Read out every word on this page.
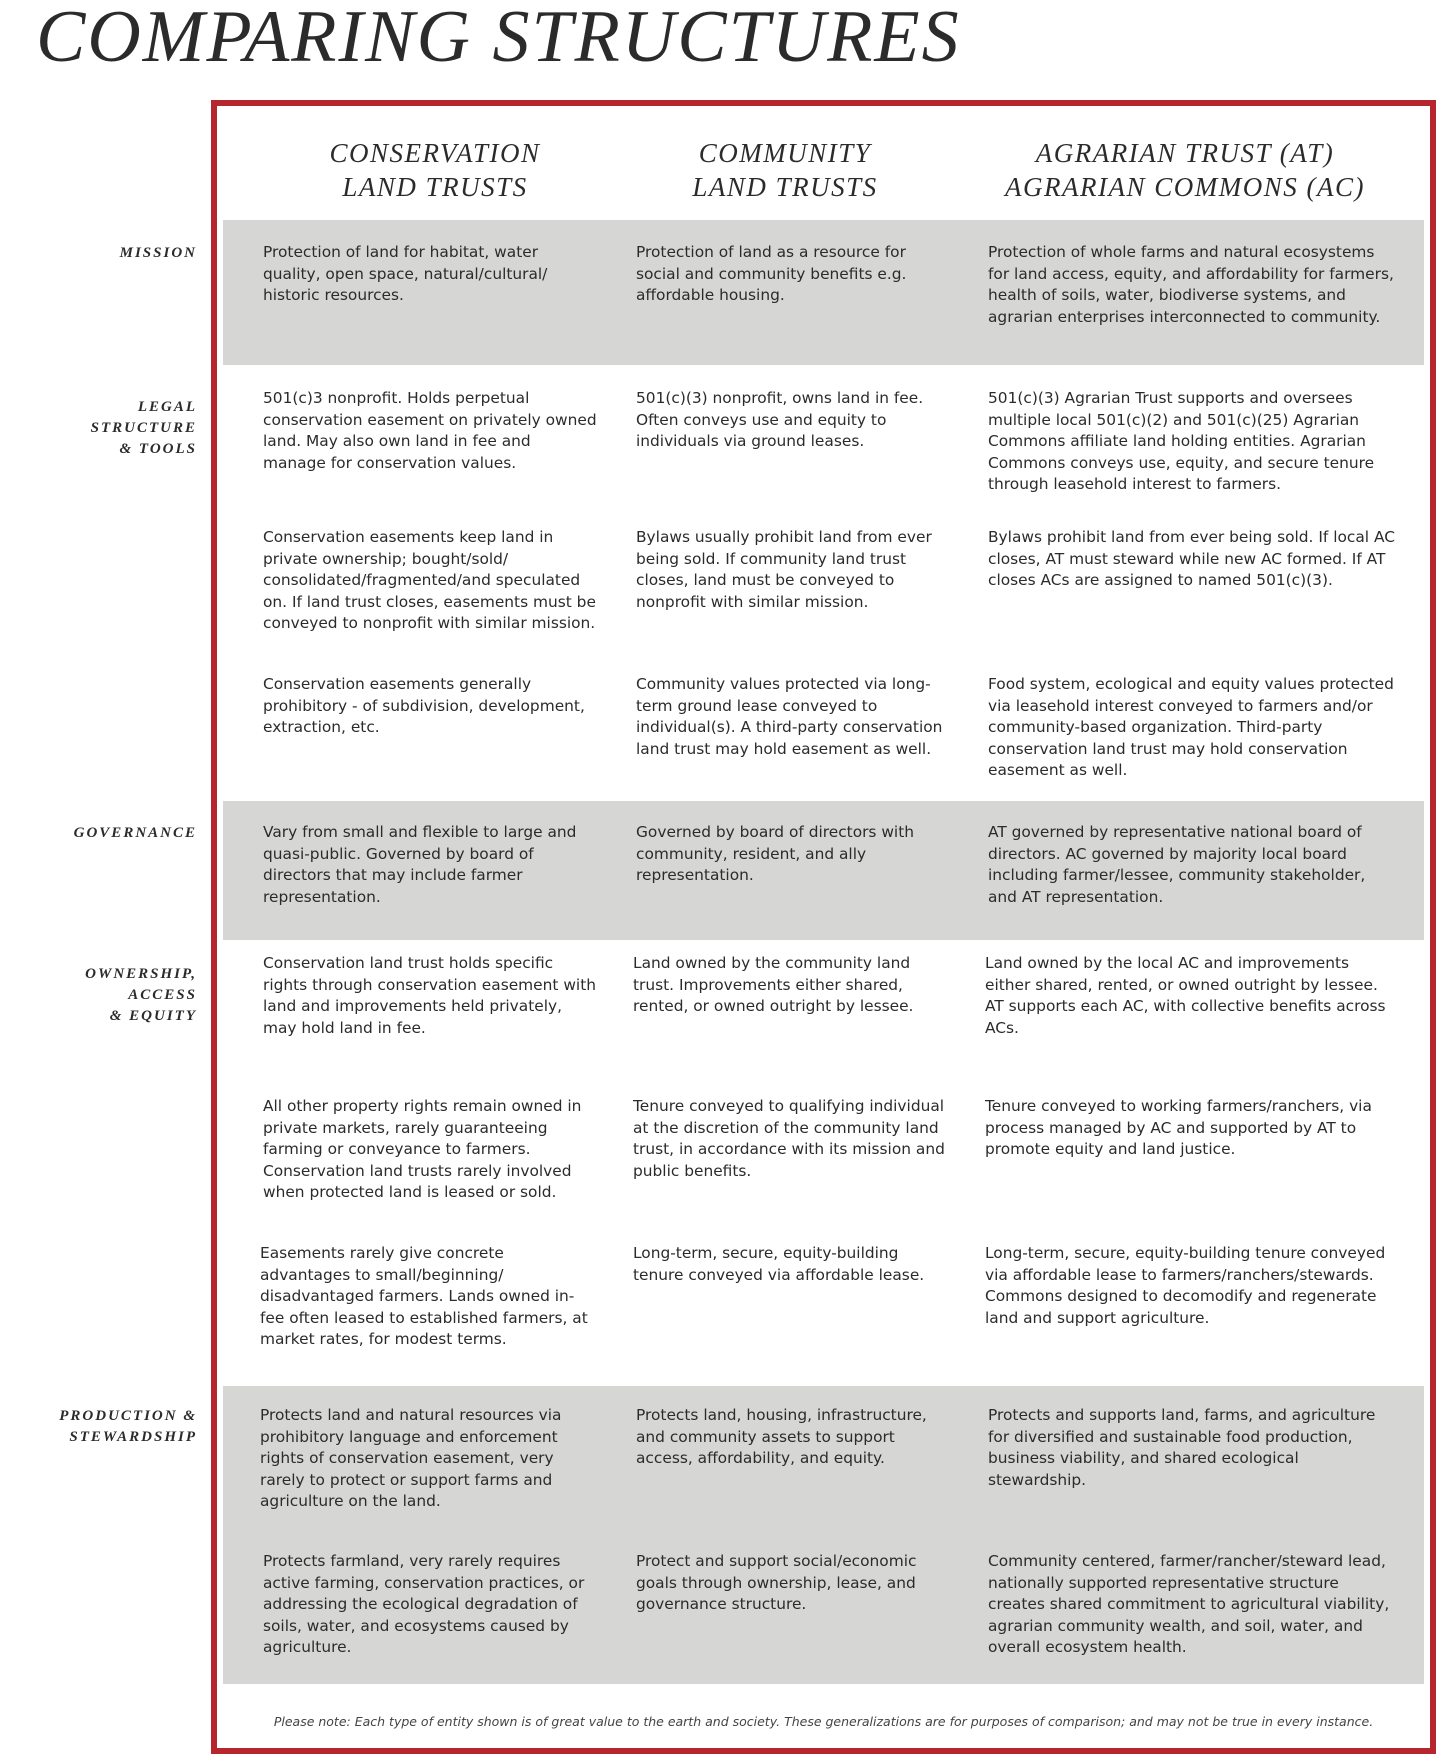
COMPARING STRUCTURES
CONSERVATION
LAND TRUSTS
COMMUNITY
LAND TRUSTS
AGRARIAN TRUST (AT)
AGRARIAN COMMONS (AC)
MISSION
LEGAL
STRUCTURE
& TOOLS
GOVERNANCE
OWNERSHIP,
ACCESS
& EQUITY
PRODUCTION &
STEWARDSHIP
Protection of land for habitat, water quality, open space, natural/cultural/ historic resources.
Protection of land as a resource for social and community benefits e.g. affordable housing.
Protection of whole farms and natural ecosystems for land access, equity, and affordability for farmers, health of soils, water, biodiverse systems, and agrarian enterprises interconnected to community.
501(c)3 nonprofit. Holds perpetual conservation easement on privately owned land. May also own land in fee and manage for conservation values.
501(c)(3) nonprofit, owns land in fee. Often conveys use and equity to individuals via ground leases.
501(c)(3) Agrarian Trust supports and oversees multiple local 501(c)(2) and 501(c)(25) Agrarian Commons affiliate land holding entities. Agrarian Commons conveys use, equity, and secure tenure through leasehold interest to farmers.
Conservation easements keep land in private ownership; bought/sold/ consolidated/fragmented/and speculated on. If land trust closes, easements must be conveyed to nonprofit with similar mission.
Bylaws usually prohibit land from ever being sold. If community land trust closes, land must be conveyed to nonprofit with similar mission.
Bylaws prohibit land from ever being sold. If local AC closes, AT must steward while new AC formed. If AT closes ACs are assigned to named 501(c)(3).
Conservation easements generally prohibitory - of subdivision, development, extraction, etc.
Community values protected via long-term ground lease conveyed to individual(s). A third-party conservation land trust may hold easement as well.
Food system, ecological and equity values protected via leasehold interest conveyed to farmers and/or community-based organization. Third-party conservation land trust may hold conservation easement as well.
Vary from small and flexible to large and quasi-public. Governed by board of directors that may include farmer representation.
Governed by board of directors with community, resident, and ally representation.
AT governed by representative national board of directors. AC governed by majority local board including farmer/lessee, community stakeholder, and AT representation.
Conservation land trust holds specific rights through conservation easement with land and improvements held privately, may hold land in fee.
Land owned by the community land trust. Improvements either shared, rented, or owned outright by lessee.
Land owned by the local AC and improvements either shared, rented, or owned outright by lessee. AT supports each AC, with collective benefits across ACs.
All other property rights remain owned in private markets, rarely guaranteeing farming or conveyance to farmers. Conservation land trusts rarely involved when protected land is leased or sold.
Tenure conveyed to qualifying individual at the discretion of the community land trust, in accordance with its mission and public benefits.
Tenure conveyed to working farmers/ranchers, via process managed by AC and supported by AT to promote equity and land justice.
Easements rarely give concrete advantages to small/beginning/ disadvantaged farmers. Lands owned in-fee often leased to established farmers, at market rates, for modest terms.
Long-term, secure, equity-building tenure conveyed via affordable lease.
Long-term, secure, equity-building tenure conveyed via affordable lease to farmers/ranchers/stewards. Commons designed to decomodify and regenerate land and support agriculture.
Protects land and natural resources via prohibitory language and enforcement rights of conservation easement, very rarely to protect or support farms and agriculture on the land.
Protects land, housing, infrastructure, and community assets to support access, affordability, and equity.
Protects and supports land, farms, and agriculture for diversified and sustainable food production, business viability, and shared ecological stewardship.
Protects farmland, very rarely requires active farming, conservation practices, or addressing the ecological degradation of soils, water, and ecosystems caused by agriculture.
Protect and support social/economic goals through ownership, lease, and governance structure.
Community centered, farmer/rancher/steward lead, nationally supported representative structure creates shared commitment to agricultural viability, agrarian community wealth, and soil, water, and overall ecosystem health.
Please note: Each type of entity shown is of great value to the earth and society. These generalizations are for purposes of comparison; and may not be true in every instance.
